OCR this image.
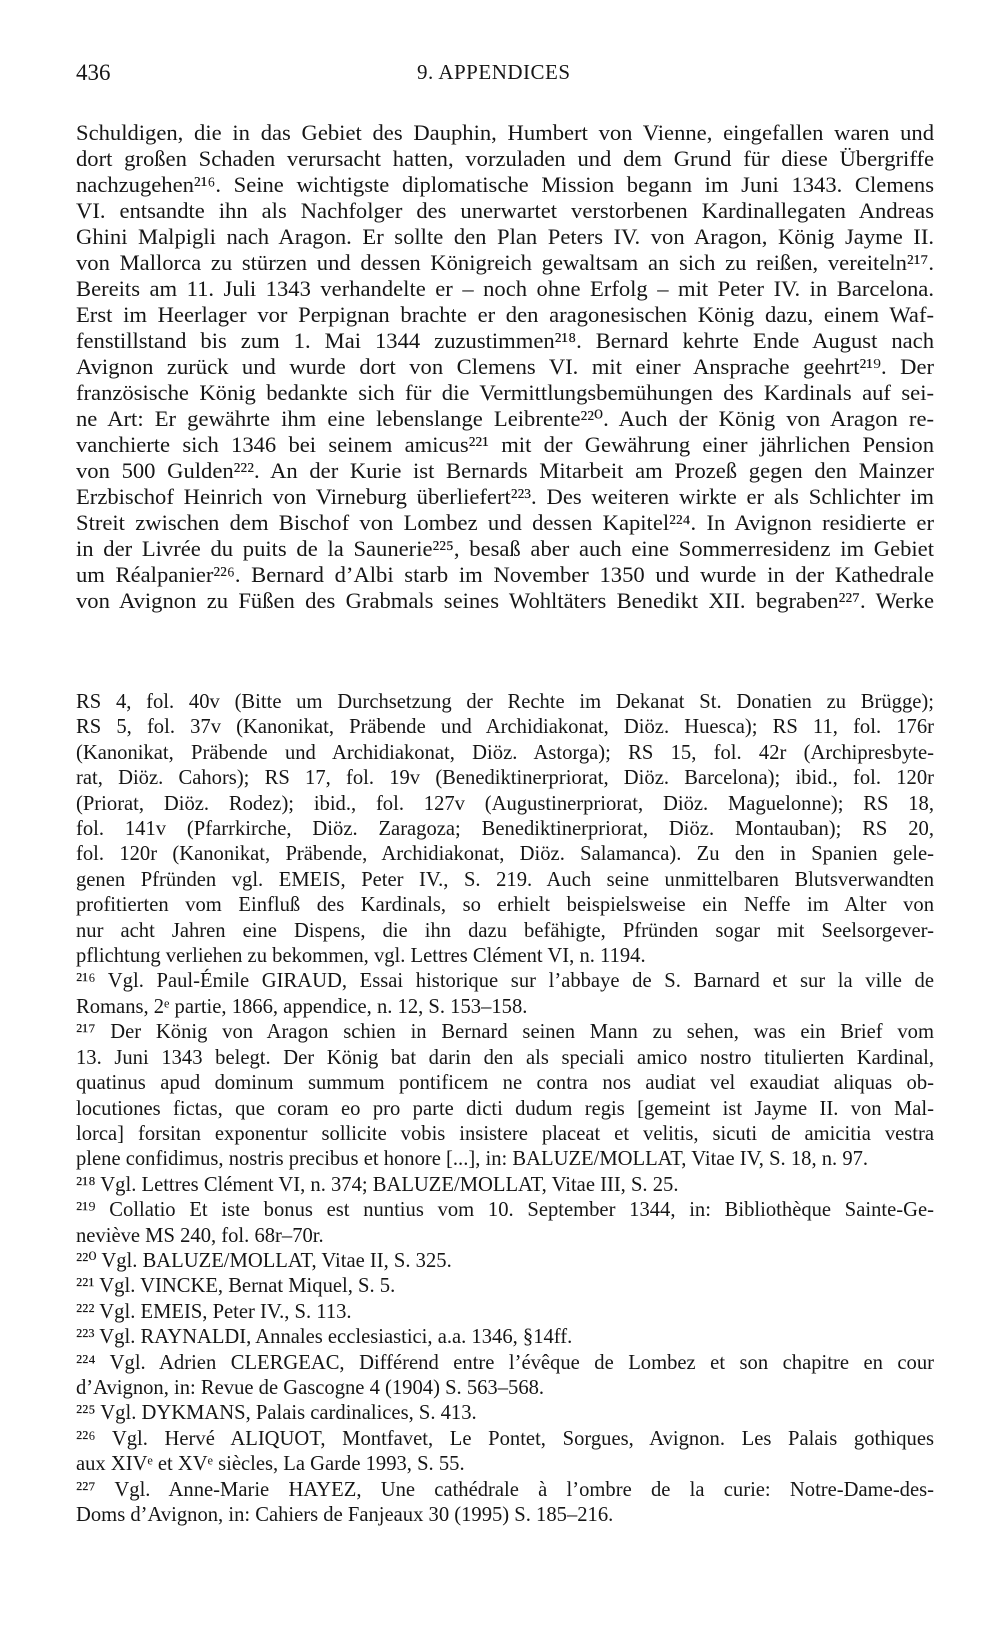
436	9. APPENDICES
Schuldigen, die in das Gebiet des Dauphin, Humbert von Vienne, eingefallen waren und
dort großen Schaden verursacht hatten, vorzuladen und dem Grund für diese Übergriffe
nachzugehen²¹⁶. Seine wichtigste diplomatische Mission begann im Juni 1343. Clemens
VI. entsandte ihn als Nachfolger des unerwartet verstorbenen Kardinallegaten Andreas
Ghini Malpigli nach Aragon. Er sollte den Plan Peters IV. von Aragon, König Jayme II.
von Mallorca zu stürzen und dessen Königreich gewaltsam an sich zu reißen, vereiteln²¹⁷.
Bereits am 11. Juli 1343 verhandelte er – noch ohne Erfolg – mit Peter IV. in Barcelona.
Erst im Heerlager vor Perpignan brachte er den aragonesischen König dazu, einem Waf-
fenstillstand bis zum 1. Mai 1344 zuzustimmen²¹⁸. Bernard kehrte Ende August nach
Avignon zurück und wurde dort von Clemens VI. mit einer Ansprache geehrt²¹⁹. Der
französische König bedankte sich für die Vermittlungsbemühungen des Kardinals auf sei-
ne Art: Er gewährte ihm eine lebenslange Leibrente²²⁰. Auch der König von Aragon re-
vanchierte sich 1346 bei seinem amicus²²¹ mit der Gewährung einer jährlichen Pension
von 500 Gulden²²². An der Kurie ist Bernards Mitarbeit am Prozeß gegen den Mainzer
Erzbischof Heinrich von Virneburg überliefert²²³. Des weiteren wirkte er als Schlichter im
Streit zwischen dem Bischof von Lombez und dessen Kapitel²²⁴. In Avignon residierte er
in der Livrée du puits de la Saunerie²²⁵, besaß aber auch eine Sommerresidenz im Gebiet
um Réalpanier²²⁶. Bernard d’Albi starb im November 1350 und wurde in der Kathedrale
von Avignon zu Füßen des Grabmals seines Wohltäters Benedikt XII. begraben²²⁷. Werke
RS 4, fol. 40v (Bitte um Durchsetzung der Rechte im Dekanat St. Donatien zu Brügge);
RS 5, fol. 37v (Kanonikat, Präbende und Archidiakonat, Diöz. Huesca); RS 11, fol. 176r
(Kanonikat, Präbende und Archidiakonat, Diöz. Astorga); RS 15, fol. 42r (Archipresbyte-
rat, Diöz. Cahors); RS 17, fol. 19v (Benediktinerpriorat, Diöz. Barcelona); ibid., fol. 120r
(Priorat, Diöz. Rodez); ibid., fol. 127v (Augustinerpriorat, Diöz. Maguelonne); RS 18,
fol. 141v (Pfarrkirche, Diöz. Zaragoza; Benediktinerpriorat, Diöz. Montauban); RS 20,
fol. 120r (Kanonikat, Präbende, Archidiakonat, Diöz. Salamanca). Zu den in Spanien gele-
genen Pfründen vgl. EMEIS, Peter IV., S. 219. Auch seine unmittelbaren Blutsverwandten
profitierten vom Einfluß des Kardinals, so erhielt beispielsweise ein Neffe im Alter von
nur acht Jahren eine Dispens, die ihn dazu befähigte, Pfründen sogar mit Seelsorgever-
pflichtung verliehen zu bekommen, vgl. Lettres Clément VI, n. 1194.
²¹⁶ Vgl. Paul-Émile GIRAUD, Essai historique sur l’abbaye de S. Barnard et sur la ville de
Romans, 2ᵉ partie, 1866, appendice, n. 12, S. 153–158.
²¹⁷ Der König von Aragon schien in Bernard seinen Mann zu sehen, was ein Brief vom
13. Juni 1343 belegt. Der König bat darin den als speciali amico nostro titulierten Kardinal,
quatinus apud dominum summum pontificem ne contra nos audiat vel exaudiat aliquas ob-
locutiones fictas, que coram eo pro parte dicti dudum regis [gemeint ist Jayme II. von Mal-
lorca] forsitan exponentur sollicite vobis insistere placeat et velitis, sicuti de amicitia vestra
plene confidimus, nostris precibus et honore [...], in: BALUZE/MOLLAT, Vitae IV, S. 18, n. 97.
²¹⁸ Vgl. Lettres Clément VI, n. 374; BALUZE/MOLLAT, Vitae III, S. 25.
²¹⁹ Collatio Et iste bonus est nuntius vom 10. September 1344, in: Bibliothèque Sainte-Ge-
neviève MS 240, fol. 68r–70r.
²²⁰ Vgl. BALUZE/MOLLAT, Vitae II, S. 325.
²²¹ Vgl. VINCKE, Bernat Miquel, S. 5.
²²² Vgl. EMEIS, Peter IV., S. 113.
²²³ Vgl. RAYNALDI, Annales ecclesiastici, a.a. 1346, §14ff.
²²⁴ Vgl. Adrien CLERGEAC, Différend entre l’évêque de Lombez et son chapitre en cour
d’Avignon, in: Revue de Gascogne 4 (1904) S. 563–568.
²²⁵ Vgl. DYKMANS, Palais cardinalices, S. 413.
²²⁶ Vgl. Hervé ALIQUOT, Montfavet, Le Pontet, Sorgues, Avignon. Les Palais gothiques
aux XIVᵉ et XVᵉ siècles, La Garde 1993, S. 55.
²²⁷ Vgl. Anne-Marie HAYEZ, Une cathédrale à l’ombre de la curie: Notre-Dame-des-
Doms d’Avignon, in: Cahiers de Fanjeaux 30 (1995) S. 185–216.
